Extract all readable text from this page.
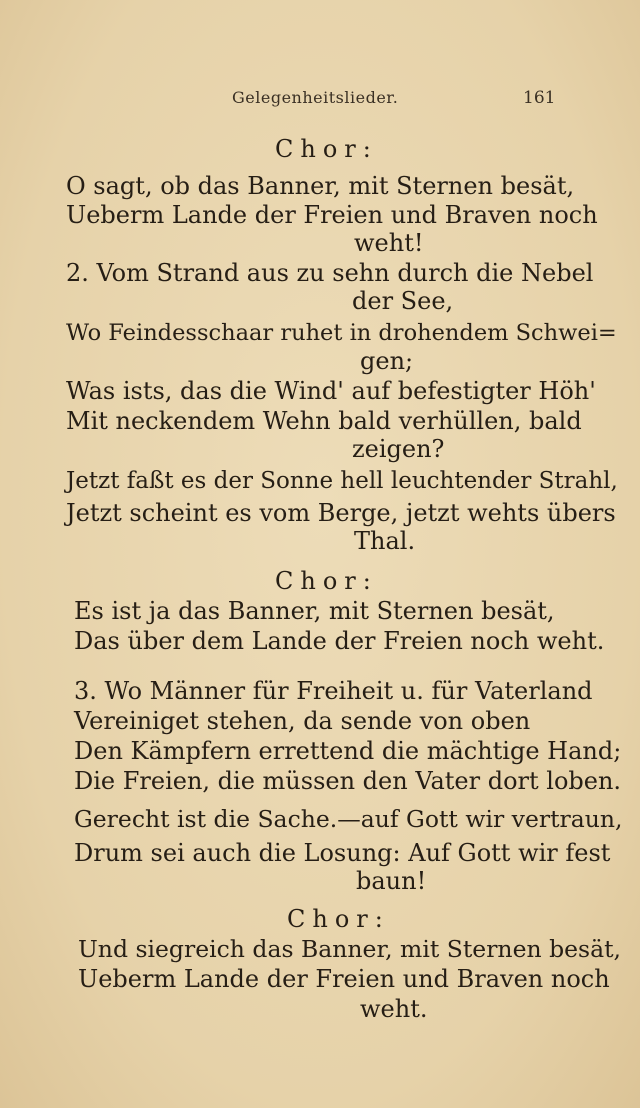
Gelegenheitslieder.	161
Chor:
O sagt, ob das Banner, mit Sternen besät,
Ueberm Lande der Freien und Braven noch
weht!
2. Vom Strand aus zu sehn durch die Nebel
der See,
Wo Feindesschaar ruhet in drohendem Schwei=
gen;
Was ists, das die Wind' auf befestigter Höh'
Mit neckendem Wehn bald verhüllen, bald
zeigen?
Jetzt faßt es der Sonne hell leuchtender Strahl,
Jetzt scheint es vom Berge, jetzt wehts übers
Thal.
Chor:
Es ist ja das Banner, mit Sternen besät,
Das über dem Lande der Freien noch weht.
3. Wo Männer für Freiheit u. für Vaterland
Vereiniget stehen, da sende von oben
Den Kämpfern errettend die mächtige Hand;
Die Freien, die müssen den Vater dort loben.
Gerecht ist die Sache.—auf Gott wir vertraun,
Drum sei auch die Losung: Auf Gott wir fest
baun!
Chor:
Und siegreich das Banner, mit Sternen besät,
Ueberm Lande der Freien und Braven noch
weht.
